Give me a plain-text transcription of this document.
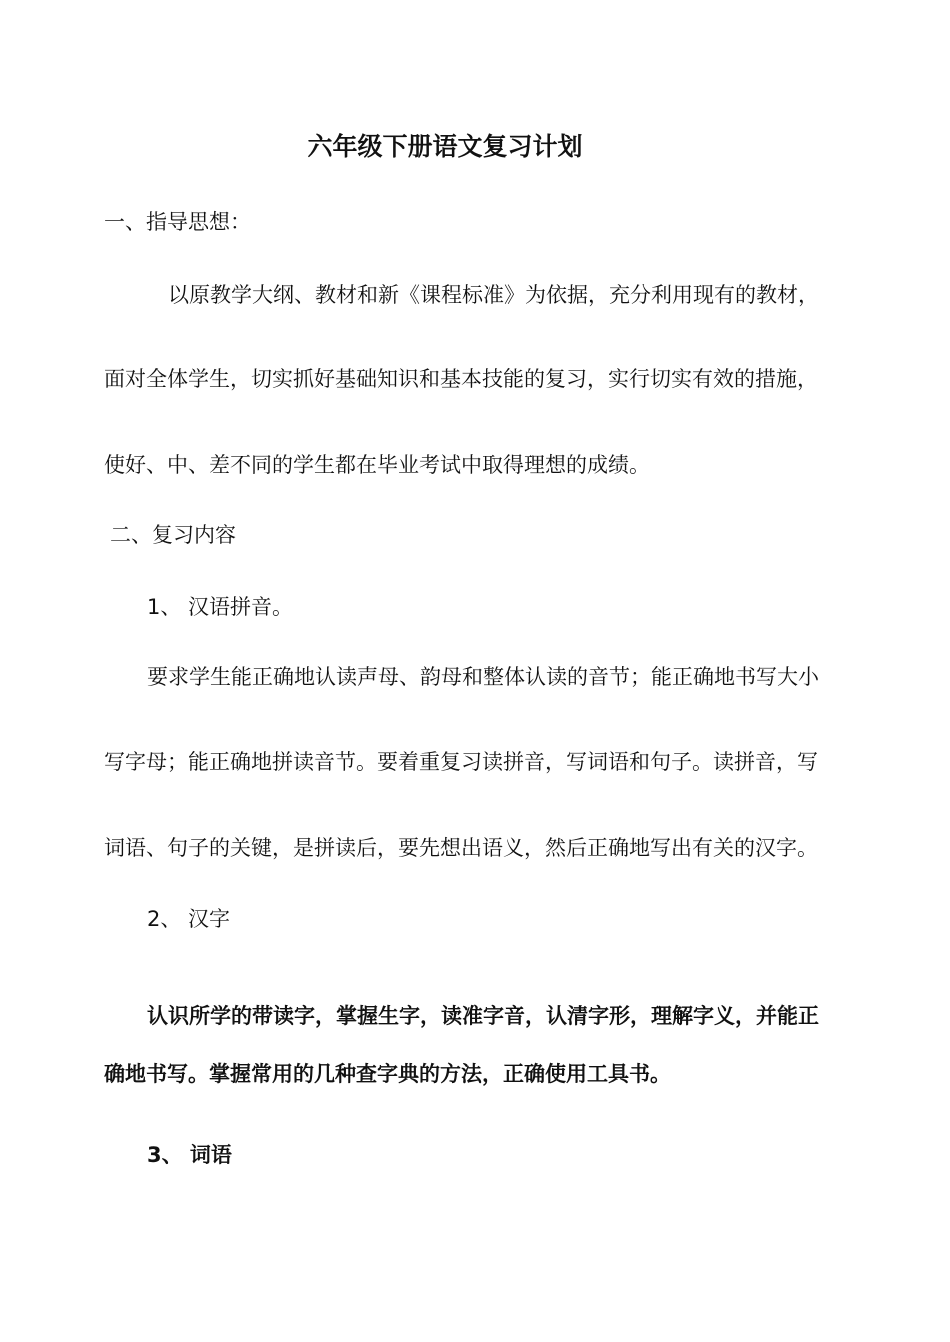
六年级下册语文复习计划
一、指导思想：
以原教学大纲、教材和新《课程标准》为依据，充分利用现有的教材，
面对全体学生，切实抓好基础知识和基本技能的复习，实行切实有效的措施，
使好、中、差不同的学生都在毕业考试中取得理想的成绩。
二、复习内容
1、 汉语拼音。
要求学生能正确地认读声母、韵母和整体认读的音节；能正确地书写大小
写字母；能正确地拼读音节。要着重复习读拼音，写词语和句子。读拼音，写
词语、句子的关键，是拼读后，要先想出语义，然后正确地写出有关的汉字。
2、 汉字
认识所学的带读字，掌握生字，读准字音，认清字形，理解字义，并能正
确地书写。掌握常用的几种查字典的方法，正确使用工具书。
3、 词语
